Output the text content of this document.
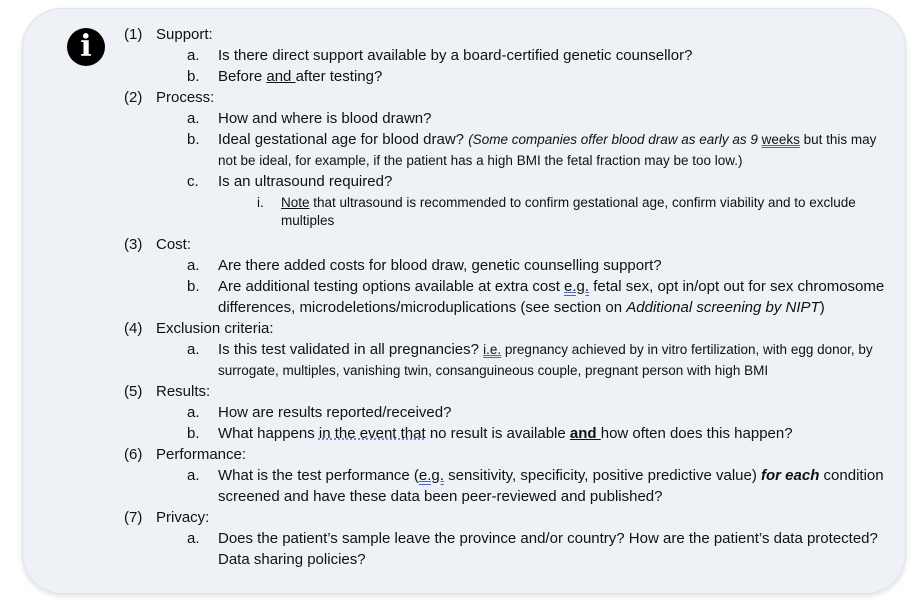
i	(1) Support:
a.	Is there direct support available by a board-certified genetic counsellor?
b.	Before and after testing?
(2) Process:
a.	How and where is blood drawn?
b.	Ideal gestational age for blood draw? (Some companies offer blood draw as early as 9 weeks but this may not be ideal, for example, if the patient has a high BMI the fetal fraction may be too low.)
c.	Is an ultrasound required?
i.	Note that ultrasound is recommended to confirm gestational age, confirm viability and to exclude multiples
(3) Cost:
a.	Are there added costs for blood draw, genetic counselling support?
b.	Are additional testing options available at extra cost e.g. fetal sex, opt in/opt out for sex chromosome differences, microdeletions/microduplications (see section on Additional screening by NIPT)
(4) Exclusion criteria:
a.	Is this test validated in all pregnancies? i.e. pregnancy achieved by in vitro fertilization, with egg donor, by surrogate, multiples, vanishing twin, consanguineous couple, pregnant person with high BMI
(5) Results:
a.	How are results reported/received?
b.	What happens in the event that no result is available and how often does this happen?
(6) Performance:
a.	What is the test performance (e.g. sensitivity, specificity, positive predictive value) for each condition screened and have these data been peer-reviewed and published?
(7) Privacy:
a.	Does the patient’s sample leave the province and/or country? How are the patient’s data protected? Data sharing policies?
